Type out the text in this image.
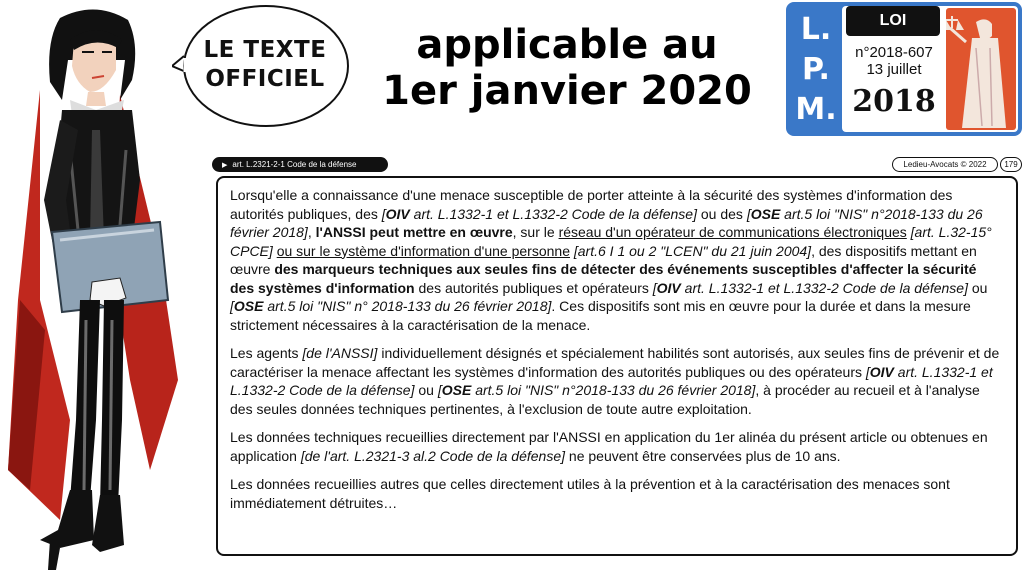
LE TEXTE
OFFICIEL
applicable au
1er janvier 2020
L.
P.
M.
LOI
n°2018-607
13 juillet
2018
▶ art. L.2321-2-1 Code de la défense	Ledieu-Avocats © 2022	179

Lorsqu'elle a connaissance d'une menace susceptible de porter atteinte à la sécurité des systèmes d'information des autorités publiques, des [OIV art. L.1332-1 et L.1332-2 Code de la défense] ou des [OSE art.5 loi "NIS" n°2018-133 du 26 février 2018], l'ANSSI peut mettre en œuvre, sur le réseau d'un opérateur de communications électroniques [art. L.32-15° CPCE] ou sur le système d'information d'une personne [art.6 I 1 ou 2 "LCEN" du 21 juin 2004], des dispositifs mettant en œuvre des marqueurs techniques aux seules fins de détecter des événements susceptibles d'affecter la sécurité des systèmes d'information des autorités publiques et opérateurs [OIV art. L.1332-1 et L.1332-2 Code de la défense] ou [OSE art.5 loi "NIS" n° 2018-133 du 26 février 2018]. Ces dispositifs sont mis en œuvre pour la durée et dans la mesure strictement nécessaires à la caractérisation de la menace.

Les agents [de l'ANSSI] individuellement désignés et spécialement habilités sont autorisés, aux seules fins de prévenir et de caractériser la menace affectant les systèmes d'information des autorités publiques ou des opérateurs [OIV art. L.1332-1 et L.1332-2 Code de la défense] ou [OSE art.5 loi "NIS" n°2018-133 du 26 février 2018], à procéder au recueil et à l'analyse des seules données techniques pertinentes, à l'exclusion de toute autre exploitation.

Les données techniques recueillies directement par l'ANSSI en application du 1er alinéa du présent article ou obtenues en application [de l'art. L.2321-3 al.2 Code de la défense] ne peuvent être conservées plus de 10 ans.

Les données recueillies autres que celles directement utiles à la prévention et à la caractérisation des menaces sont immédiatement détruites…
